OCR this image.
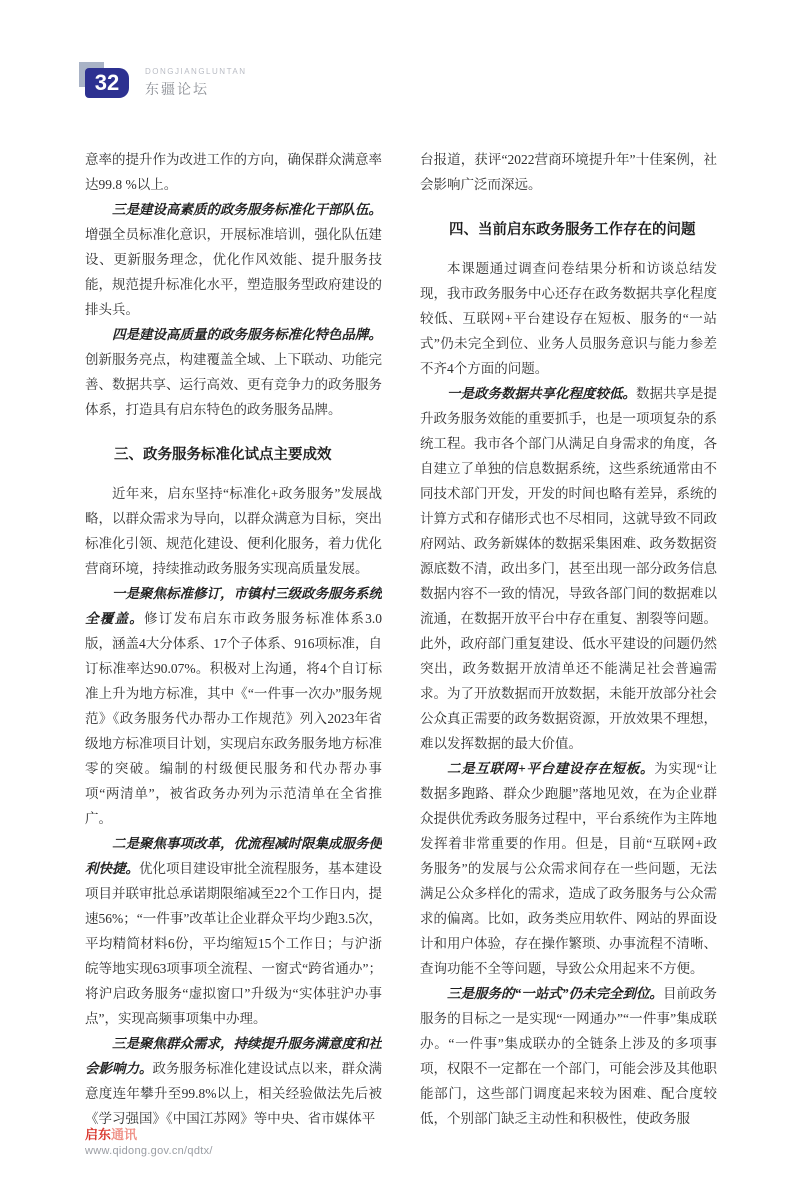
32	DONGJIANGLUNTAN
东疆论坛

意率的提升作为改进工作的方向，确保群众满意率达99.8 %以上。

三是建设高素质的政务服务标准化干部队伍。增强全员标准化意识，开展标准培训，强化队伍建设、更新服务理念，优化作风效能、提升服务技能，规范提升标准化水平，塑造服务型政府建设的排头兵。

四是建设高质量的政务服务标准化特色品牌。创新服务亮点，构建覆盖全域、上下联动、功能完善、数据共享、运行高效、更有竞争力的政务服务体系，打造具有启东特色的政务服务品牌。

三、政务服务标准化试点主要成效

近年来，启东坚持“标准化+政务服务”发展战略，以群众需求为导向，以群众满意为目标，突出标准化引领、规范化建设、便利化服务，着力优化营商环境，持续推动政务服务实现高质量发展。

一是聚焦标准修订，市镇村三级政务服务系统全覆盖。修订发布启东市政务服务标准体系3.0版，涵盖4大分体系、17个子体系、916项标准，自订标准率达90.07%。积极对上沟通，将4个自订标准上升为地方标准，其中《“一件事一次办”服务规范》《政务服务代办帮办工作规范》列入2023年省级地方标准项目计划，实现启东政务服务地方标准零的突破。编制的村级便民服务和代办帮办事项“两清单”，被省政务办列为示范清单在全省推广。

二是聚焦事项改革，优流程减时限集成服务便利快捷。优化项目建设审批全流程服务，基本建设项目并联审批总承诺期限缩减至22个工作日内，提速56%；“一件事”改革让企业群众平均少跑3.5次，平均精简材料6份，平均缩短15个工作日；与沪浙皖等地实现63项事项全流程、一窗式“跨省通办”；将沪启政务服务“虚拟窗口”升级为“实体驻沪办事点”，实现高频事项集中办理。

三是聚焦群众需求，持续提升服务满意度和社会影响力。政务服务标准化建设试点以来，群众满意度连年攀升至99.8%以上，相关经验做法先后被《学习强国》《中国江苏网》等中央、省市媒体平

台报道，获评“2022营商环境提升年”十佳案例，社会影响广泛而深远。

四、当前启东政务服务工作存在的问题

本课题通过调查问卷结果分析和访谈总结发现，我市政务服务中心还存在政务数据共享化程度较低、互联网+平台建设存在短板、服务的“一站式”仍未完全到位、业务人员服务意识与能力参差不齐4个方面的问题。

一是政务数据共享化程度较低。数据共享是提升政务服务效能的重要抓手，也是一项项复杂的系统工程。我市各个部门从满足自身需求的角度，各自建立了单独的信息数据系统，这些系统通常由不同技术部门开发，开发的时间也略有差异，系统的计算方式和存储形式也不尽相同，这就导致不同政府网站、政务新媒体的数据采集困难、政务数据资源底数不清，政出多门，甚至出现一部分政务信息数据内容不一致的情况，导致各部门间的数据难以流通，在数据开放平台中存在重复、割裂等问题。此外，政府部门重复建设、低水平建设的问题仍然突出，政务数据开放清单还不能满足社会普遍需求。为了开放数据而开放数据，未能开放部分社会公众真正需要的政务数据资源，开放效果不理想，难以发挥数据的最大价值。

二是互联网+平台建设存在短板。为实现“让数据多跑路、群众少跑腿”落地见效，在为企业群众提供优秀政务服务过程中，平台系统作为主阵地发挥着非常重要的作用。但是，目前“互联网+政务服务”的发展与公众需求间存在一些问题，无法满足公众多样化的需求，造成了政务服务与公众需求的偏离。比如，政务类应用软件、网站的界面设计和用户体验，存在操作繁琐、办事流程不清晰、查询功能不全等问题，导致公众用起来不方便。

三是服务的“一站式”仍未完全到位。目前政务服务的目标之一是实现“一网通办”“一件事”集成联办。“一件事”集成联办的全链条上涉及的多项事项，权限不一定都在一个部门，可能会涉及其他职能部门，这些部门调度起来较为困难、配合度较低，个别部门缺乏主动性和积极性，使政务服

启东通讯
www.qidong.gov.cn/qdtx/
